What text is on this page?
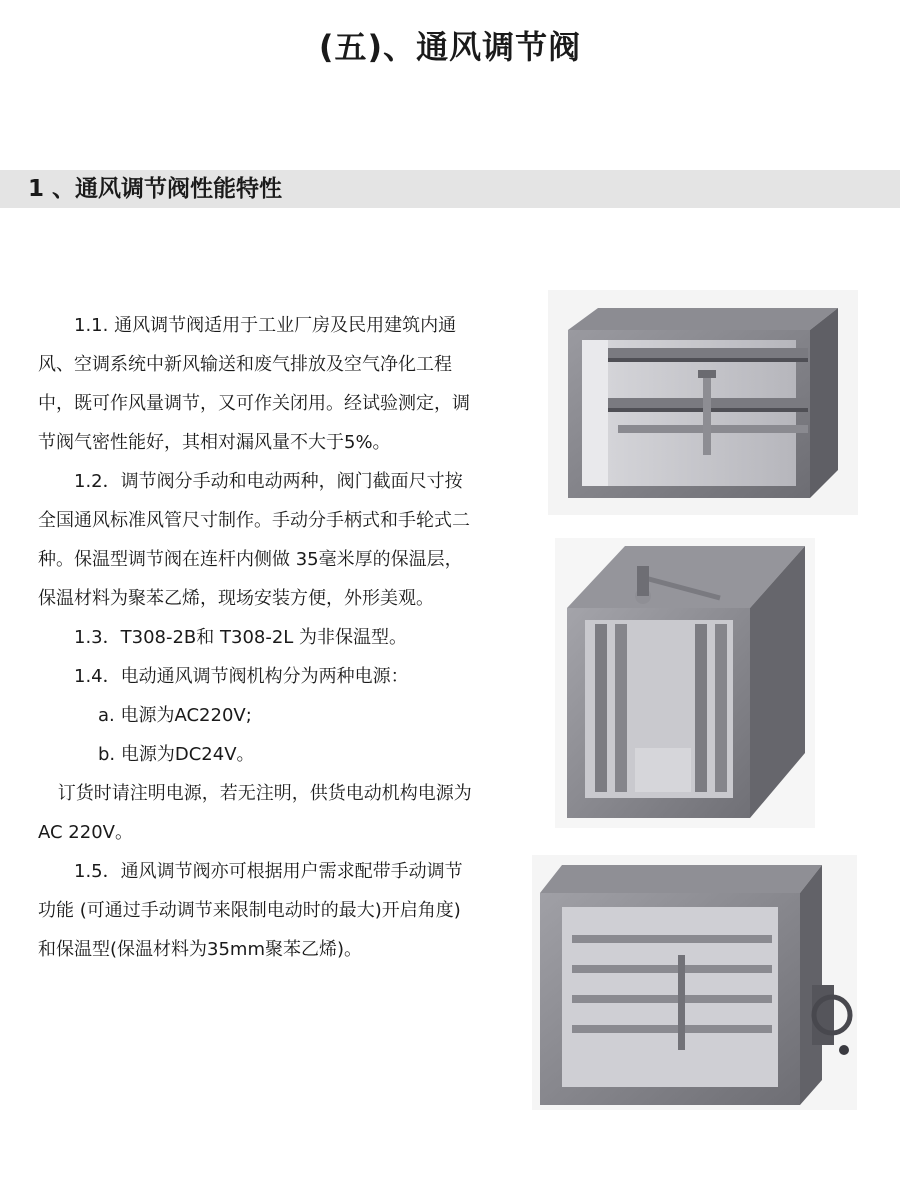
(五)、通风调节阀
1 、通风调节阀性能特性

1.1. 通风调节阀适用于工业厂房及民用建筑内通风、空调系统中新风输送和废气排放及空气净化工程中，既可作风量调节，又可作关闭用。经试验测定，调节阀气密性能好，其相对漏风量不大于5%。

1.2．调节阀分手动和电动两种，阀门截面尺寸按全国通风标准风管尺寸制作。手动分手柄式和手轮式二种。保温型调节阀在连杆内侧做 35毫米厚的保温层，保温材料为聚苯乙烯，现场安装方便，外形美观。

1.3．T308-2B和 T308-2L 为非保温型。

1.4．电动通风调节阀机构分为两种电源：

a. 电源为AC220V;

b. 电源为DC24V。

订货时请注明电源，若无注明，供货电动机构电源为AC 220V。

1.5．通风调节阀亦可根据用户需求配带手动调节功能 (可通过手动调节来限制电动时的最大)开启角度)和保温型(保温材料为35mm聚苯乙烯)。
